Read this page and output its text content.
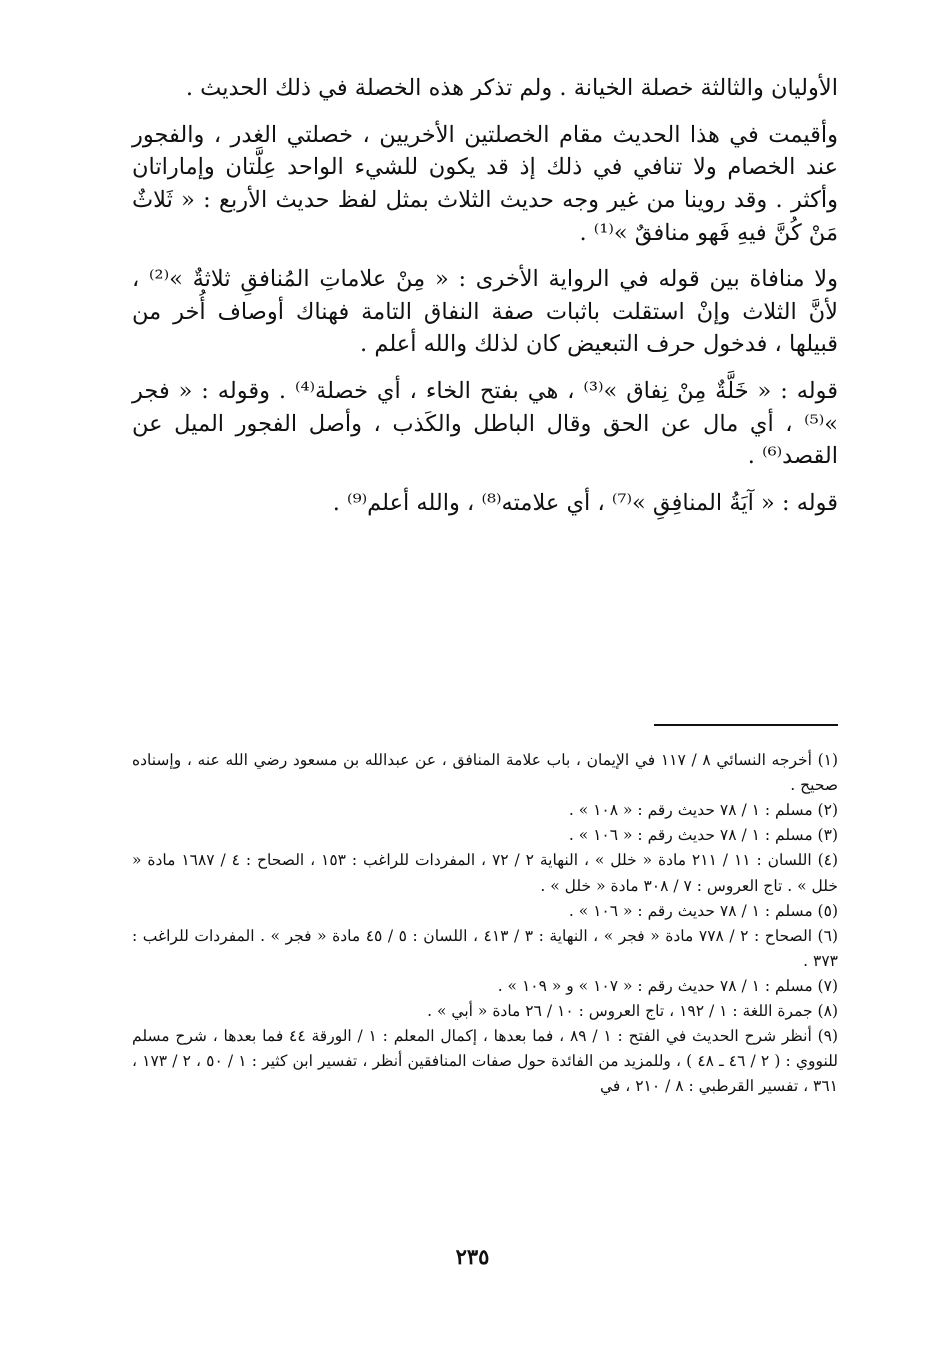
الأوليان والثالثة خصلة الخيانة . ولم تذكر هذه الخصلة في ذلك الحديث .

وأقيمت في هذا الحديث مقام الخصلتين الأخريين ، خصلتي الغدر ، والفجور عند الخصام ولا تنافي في ذلك إذ قد يكون للشيء الواحد عِلَّتان وإماراتان وأكثر . وقد روينا من غير وجه حديث الثلاث بمثل لفظ حديث الأربع : « ثَلاثٌ مَنْ كُنَّ فيهِ فَهو منافقٌ »⁽¹⁾ .

ولا منافاة بين قوله في الرواية الأخرى : « مِنْ علاماتِ المُنافقِ ثلاثةٌ »⁽²⁾ ، لأنَّ الثلاث وإنْ استقلت باثبات صفة النفاق التامة فهناك أوصاف أُخر من قبيلها ، فدخول حرف التبعيض كان لذلك والله أعلم .

قوله : « خَلَّةٌ مِنْ نِفاق »⁽³⁾ ، هي بفتح الخاء ، أي خصلة⁽⁴⁾ . وقوله : « فجر »⁽⁵⁾ ، أي مال عن الحق وقال الباطل والكَذب ، وأصل الفجور الميل عن القصد⁽⁶⁾ .

قوله : « آيَةُ المنافِقِ »⁽⁷⁾ ، أي علامته⁽⁸⁾ ، والله أعلم⁽⁹⁾ .

(١) أخرجه النسائي ٨ / ١١٧ في الإيمان ، باب علامة المنافق ، عن عبدالله بن مسعود رضي الله عنه ، وإسناده صحيح .

(٢) مسلم : ١ / ٧٨ حديث رقم : « ١٠٨ » .

(٣) مسلم : ١ / ٧٨ حديث رقم : « ١٠٦ » .

(٤) اللسان : ١١ / ٢١١ مادة « خلل » ، النهاية ٢ / ٧٢ ، المفردات للراغب : ١٥٣ ، الصحاح : ٤ / ١٦٨٧ مادة « خلل » . تاج العروس : ٧ / ٣٠٨ مادة « خلل » .

(٥) مسلم : ١ / ٧٨ حديث رقم : « ١٠٦ » .

(٦) الصحاح : ٢ / ٧٧٨ مادة « فجر » ، النهاية : ٣ / ٤١٣ ، اللسان : ٥ / ٤٥ مادة « فجر » . المفردات للراغب : ٣٧٣ .

(٧) مسلم : ١ / ٧٨ حديث رقم : « ١٠٧ » و « ١٠٩ » .

(٨) جمرة اللغة : ١ / ١٩٢ ، تاج العروس : ١٠ / ٢٦ مادة « أبي » .

(٩) أنظر شرح الحديث في الفتح : ١ / ٨٩ ، فما بعدها ، إكمال المعلم : ١ / الورقة ٤٤ فما بعدها ، شرح مسلم للنووي : ( ٢ / ٤٦ ـ ٤٨ ) ، وللمزيد من الفائدة حول صفات المنافقين أنظر ، تفسير ابن كثير : ١ / ٥٠ ، ٢ / ١٧٣ ، ٣٦١ ، تفسير القرطبي : ٨ / ٢١٠ ، في

٢٣٥
